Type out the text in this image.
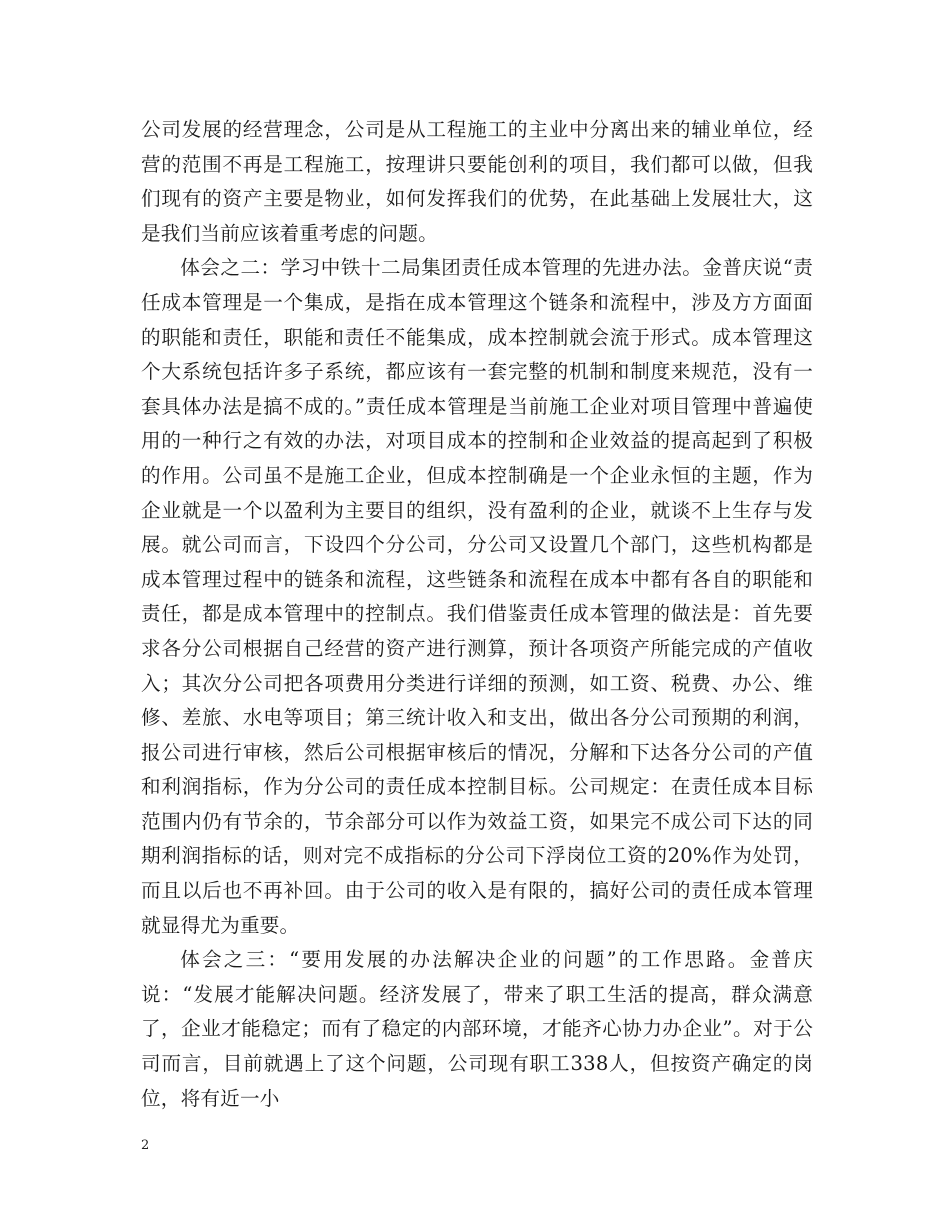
公司发展的经营理念，公司是从工程施工的主业中分离出来的辅业单位，经营的范围不再是工程施工，按理讲只要能创利的项目，我们都可以做，但我们现有的资产主要是物业，如何发挥我们的优势，在此基础上发展壮大，这是我们当前应该着重考虑的问题。

体会之二：学习中铁十二局集团责任成本管理的先进办法。金普庆说“责任成本管理是一个集成，是指在成本管理这个链条和流程中，涉及方方面面的职能和责任，职能和责任不能集成，成本控制就会流于形式。成本管理这个大系统包括许多子系统，都应该有一套完整的机制和制度来规范，没有一套具体办法是搞不成的。”责任成本管理是当前施工企业对项目管理中普遍使用的一种行之有效的办法，对项目成本的控制和企业效益的提高起到了积极的作用。公司虽不是施工企业，但成本控制确是一个企业永恒的主题，作为企业就是一个以盈利为主要目的组织，没有盈利的企业，就谈不上生存与发展。就公司而言，下设四个分公司，分公司又设置几个部门，这些机构都是成本管理过程中的链条和流程，这些链条和流程在成本中都有各自的职能和责任，都是成本管理中的控制点。我们借鉴责任成本管理的做法是：首先要求各分公司根据自己经营的资产进行测算，预计各项资产所能完成的产值收入；其次分公司把各项费用分类进行详细的预测，如工资、税费、办公、维修、差旅、水电等项目；第三统计收入和支出，做出各分公司预期的利润，报公司进行审核，然后公司根据审核后的情况，分解和下达各分公司的产值和利润指标，作为分公司的责任成本控制目标。公司规定：在责任成本目标范围内仍有节余的，节余部分可以作为效益工资，如果完不成公司下达的同期利润指标的话，则对完不成指标的分公司下浮岗位工资的20%作为处罚，而且以后也不再补回。由于公司的收入是有限的，搞好公司的责任成本管理就显得尤为重要。

体会之三：“要用发展的办法解决企业的问题”的工作思路。金普庆说：“发展才能解决问题。经济发展了，带来了职工生活的提高，群众满意了，企业才能稳定；而有了稳定的内部环境，才能齐心协力办企业”。对于公司而言，目前就遇上了这个问题，公司现有职工338人，但按资产确定的岗位，将有近一小

2
